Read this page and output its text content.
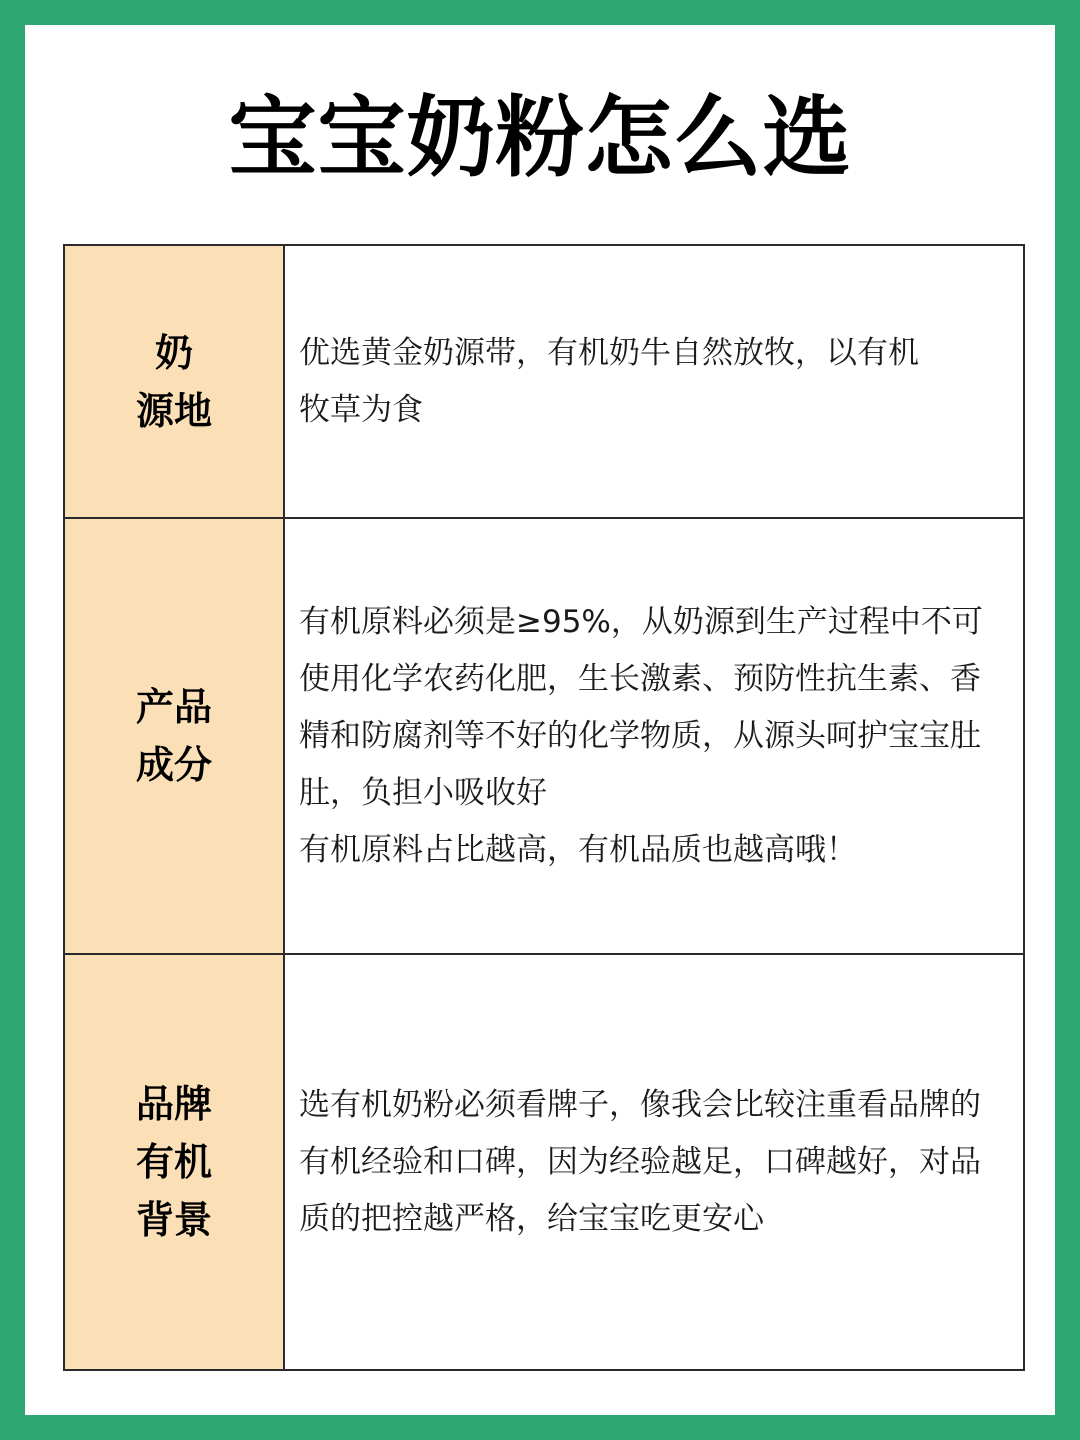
宝宝奶粉怎么选
奶
源地
优选黄金奶源带，有机奶牛自然放牧，以有机
牧草为食
产品
成分
有机原料必须是≥95%，从奶源到生产过程中不可
使用化学农药化肥，生长激素、预防性抗生素、香
精和防腐剂等不好的化学物质，从源头呵护宝宝肚
肚，负担小吸收好
有机原料占比越高，有机品质也越高哦！
品牌
有机
背景
选有机奶粉必须看牌子，像我会比较注重看品牌的
有机经验和口碑，因为经验越足，口碑越好，对品
质的把控越严格，给宝宝吃更安心
